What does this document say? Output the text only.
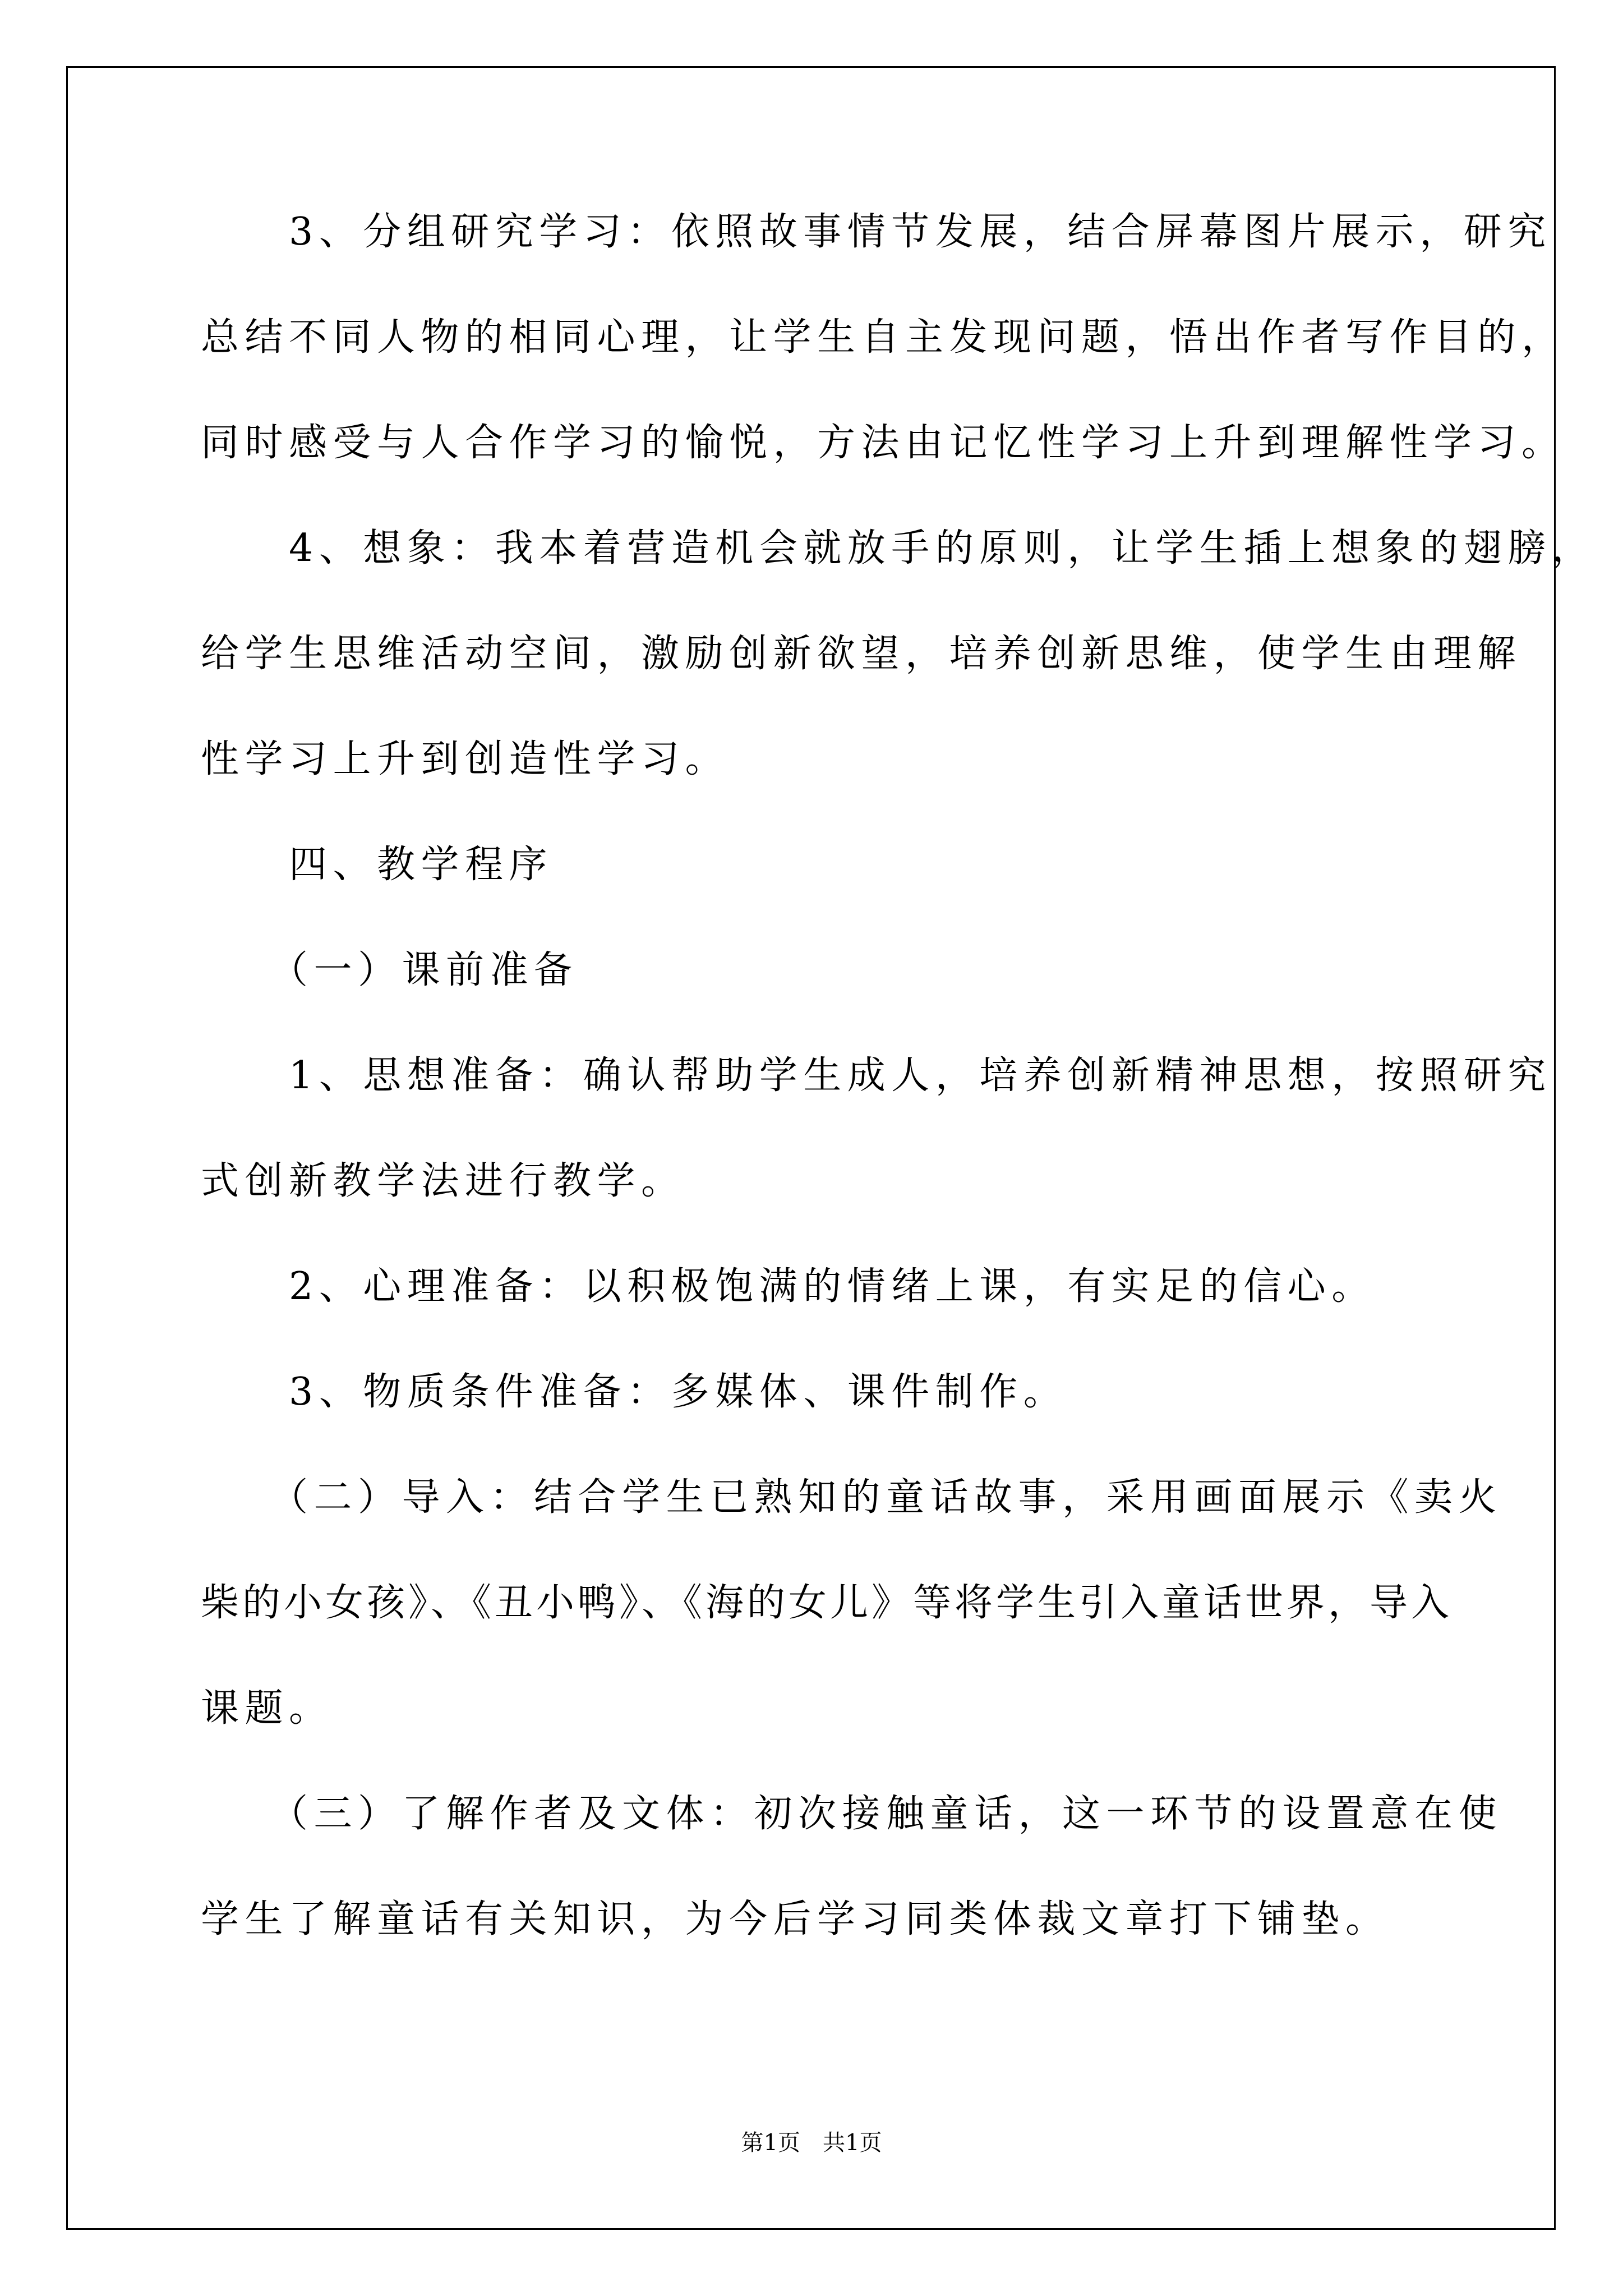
　　3、分组研究学习：依照故事情节发展，结合屏幕图片展示，研究
总结不同人物的相同心理，让学生自主发现问题，悟出作者写作目的，
同时感受与人合作学习的愉悦，方法由记忆性学习上升到理解性学习。
　　4、想象：我本着营造机会就放手的原则，让学生插上想象的翅膀，
给学生思维活动空间，激励创新欲望，培养创新思维，使学生由理解
性学习上升到创造性学习。
　　四、教学程序
　　（一）课前准备
　　1、思想准备：确认帮助学生成人，培养创新精神思想，按照研究
式创新教学法进行教学。
　　2、心理准备：以积极饱满的情绪上课，有实足的信心。
　　3、物质条件准备：多媒体、课件制作。
　　（二）导入：结合学生已熟知的童话故事，采用画面展示《卖火
柴的小女孩》、《丑小鸭》、《海的女儿》等将学生引入童话世界，导入
课题。
　　（三）了解作者及文体：初次接触童话，这一环节的设置意在使
学生了解童话有关知识，为今后学习同类体裁文章打下铺垫。
第1页　共1页
